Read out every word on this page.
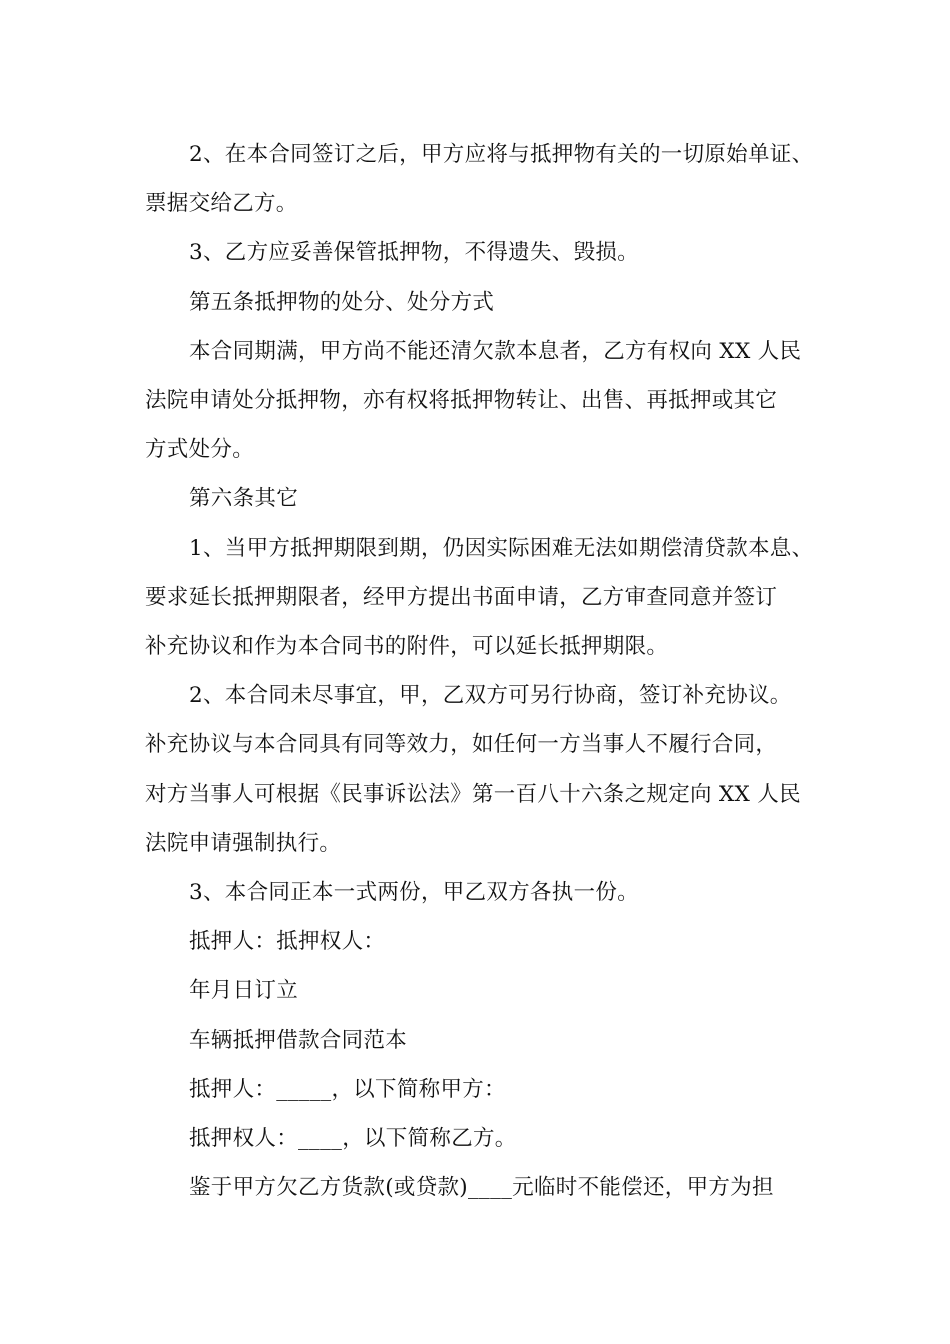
2、在本合同签订之后，甲方应将与抵押物有关的一切原始单证、
票据交给乙方。
3、乙方应妥善保管抵押物，不得遗失、毁损。
第五条抵押物的处分、处分方式
本合同期满，甲方尚不能还清欠款本息者，乙方有权向 XX 人民
法院申请处分抵押物，亦有权将抵押物转让、出售、再抵押或其它
方式处分。
第六条其它
1、当甲方抵押期限到期，仍因实际困难无法如期偿清贷款本息、
要求延长抵押期限者，经甲方提出书面申请，乙方审查同意并签订
补充协议和作为本合同书的附件，可以延长抵押期限。
2、本合同未尽事宜，甲，乙双方可另行协商，签订补充协议。
补充协议与本合同具有同等效力，如任何一方当事人不履行合同，
对方当事人可根据《民事诉讼法》第一百八十六条之规定向 XX 人民
法院申请强制执行。
3、本合同正本一式两份，甲乙双方各执一份。
抵押人：抵押权人：
年月日订立
车辆抵押借款合同范本
抵押人：_____，以下简称甲方：
抵押权人：____，以下简称乙方。
鉴于甲方欠乙方货款(或贷款)____元临时不能偿还，甲方为担
